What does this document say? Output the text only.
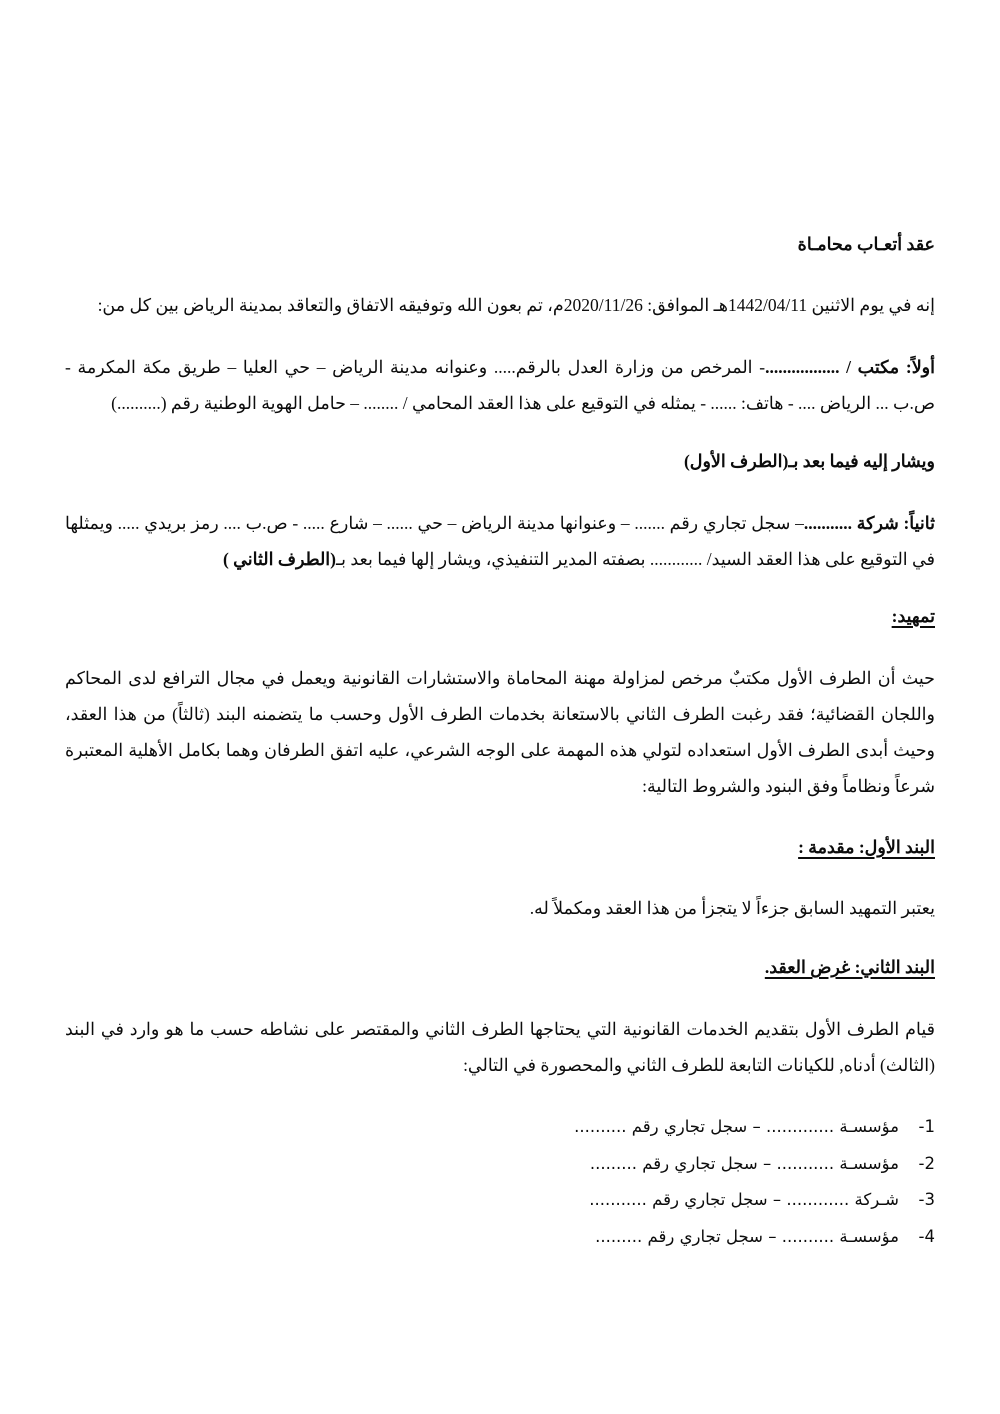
عقد أتعـاب محامـاة

إنه في يوم الاثنين 1442/04/11هـ الموافق: 2020/11/26م، تم بعون الله وتوفيقه الاتفاق والتعاقد بمدينة الرياض بين كل من:

أولاً: مكتب / .................- المرخص من وزارة العدل بالرقم..... وعنوانه مدينة الرياض – حي العليا – طريق مكة المكرمة - ص.ب ... الرياض .... - هاتف: ...... - يمثله في التوقيع على هذا العقد المحامي / ........ – حامل الهوية الوطنية رقم (..........)

ويشار إليه فيما بعد بـ(الطرف الأول)

ثانياً: شركة ...........– سجل تجاري رقم ....... – وعنوانها مدينة الرياض – حي ...... – شارع ..... - ص.ب .... رمز بريدي ..... ويمثلها في التوقيع على هذا العقد السيد/ ............ بصفته المدير التنفيذي، ويشار إلها فيما بعد بـ(الطرف الثاني )

تمهيد:

حيث أن الطرف الأول مكتبٌ مرخص لمزاولة مهنة المحاماة والاستشارات القانونية ويعمل في مجال الترافع لدى المحاكم واللجان القضائية؛ فقد رغبت الطرف الثاني بالاستعانة بخدمات الطرف الأول وحسب ما يتضمنه البند (ثالثاً) من هذا العقد، وحيث أبدى الطرف الأول استعداده لتولي هذه المهمة على الوجه الشرعي، عليه اتفق الطرفان وهما بكامل الأهلية المعتبرة شرعاً ونظاماً وفق البنود والشروط التالية:

البند الأول: مقدمة :

يعتبر التمهيد السابق جزءاً لا يتجزأ من هذا العقد ومكملاً له.

البند الثاني: غرض العقد.

قيام الطرف الأول بتقديم الخدمات القانونية التي يحتاجها الطرف الثاني والمقتصر على نشاطه حسب ما هو وارد في البند (الثالث) أدناه, للكيانات التابعة للطرف الثاني والمحصورة في التالي:

1-مؤسسـة ............. – سجل تجاري رقم ..........
2-مؤسسـة ........... – سجل تجاري رقم .........
3-شـركة ............ – سجل تجاري رقم ...........
4-مؤسسـة .......... – سجل تجاري رقم .........
